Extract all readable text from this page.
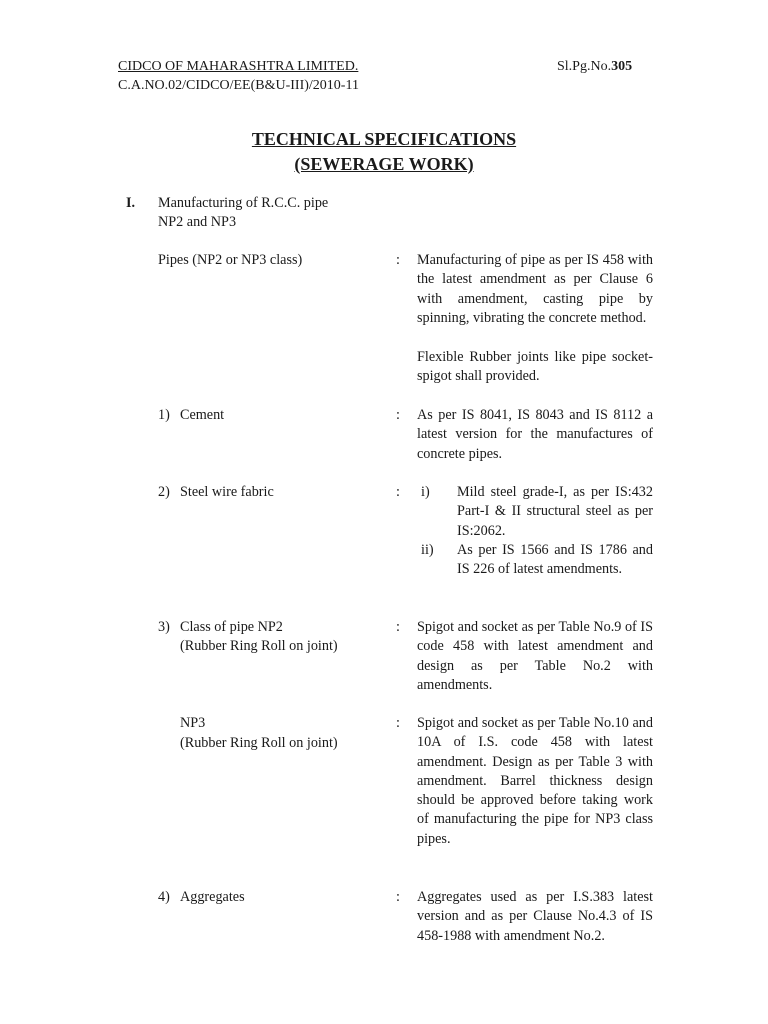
CIDCO OF MAHARASHTRA LIMITED.
C.A.NO.02/CIDCO/EE(B&U-III)/2010-11
Sl.Pg.No.305
TECHNICAL SPECIFICATIONS
(SEWERAGE WORK)
I. Manufacturing of R.C.C. pipe
NP2 and NP3
Pipes (NP2 or NP3 class)	: Manufacturing of pipe as per IS 458 with the latest amendment as per Clause 6 with amendment, casting pipe by spinning, vibrating the concrete method.
Flexible Rubber joints like pipe socket-spigot shall provided.
1) Cement	: As per IS 8041, IS 8043 and IS 8112 a latest version for the manufactures of concrete pipes.
2) Steel wire fabric	: i) Mild steel grade-I, as per IS:432 Part-I & II structural steel as per IS:2062.
ii) As per IS 1566 and IS 1786 and IS 226 of latest amendments.
3) Class of pipe NP2
(Rubber Ring Roll on joint)
: Spigot and socket as per Table No.9 of IS code 458 with latest amendment and design as per Table No.2 with amendments.
NP3
(Rubber Ring Roll on joint)
: Spigot and socket as per Table No.10 and 10A of I.S. code 458 with latest amendment. Design as per Table 3 with amendment. Barrel thickness design should be approved before taking work of manufacturing the pipe for NP3 class pipes.
4) Aggregates	: Aggregates used as per I.S.383 latest version and as per Clause No.4.3 of IS 458-1988 with amendment No.2.
